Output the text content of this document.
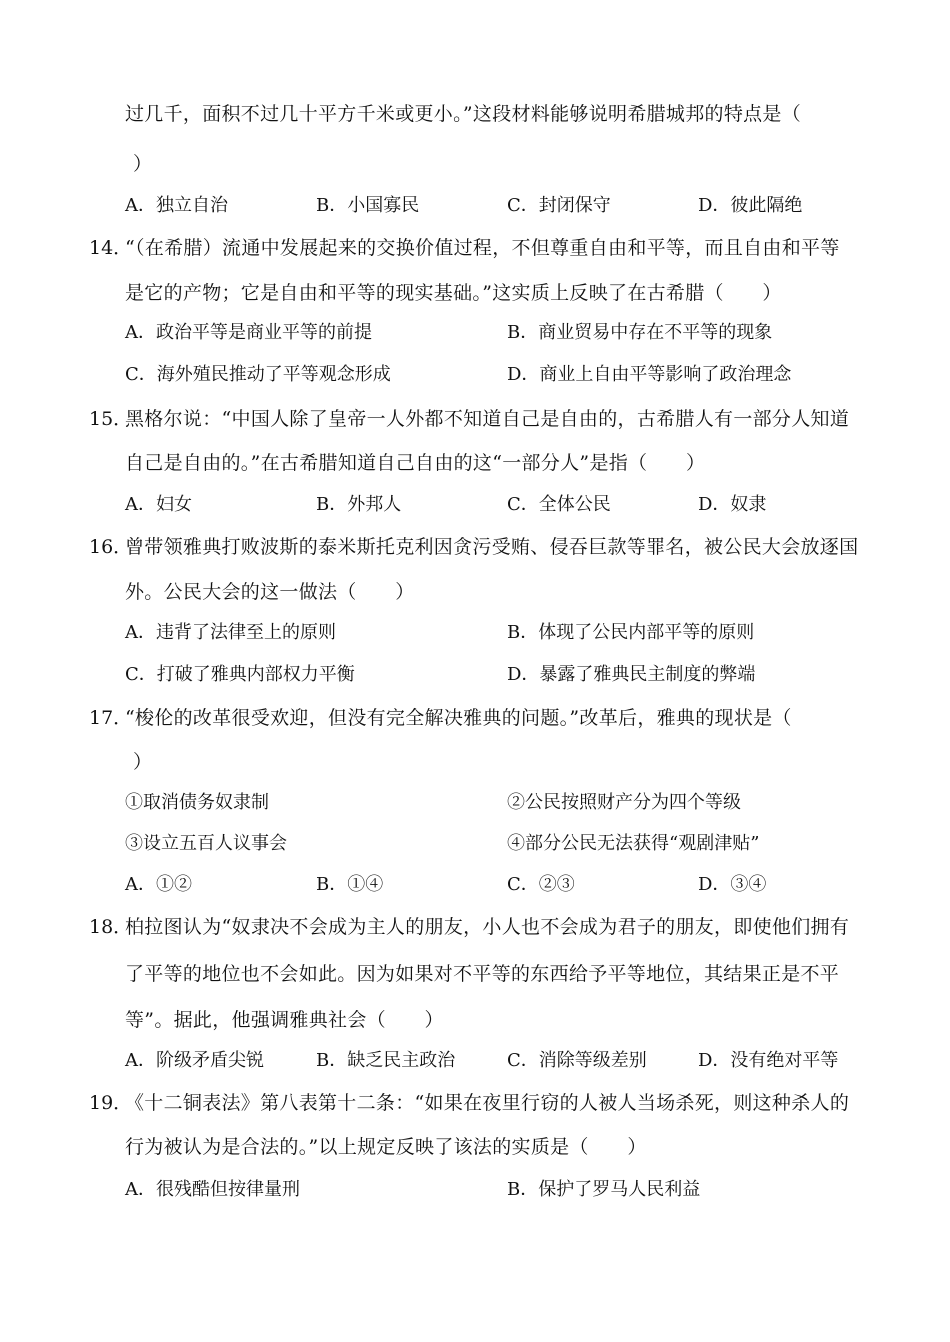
过几千，面积不过几十平方千米或更小。”这段材料能够说明希腊城邦的特点是（
）
A．独立自治	B．小国寡民	C．封闭保守	D．彼此隔绝
14．
“（在希腊）流通中发展起来的交换价值过程，不但尊重自由和平等，而且自由和平等
是它的产物；它是自由和平等的现实基础。”这实质上反映了在古希腊（　　）
A．政治平等是商业平等的前提	B．商业贸易中存在不平等的现象
C．海外殖民推动了平等观念形成	D．商业上自由平等影响了政治理念
15．
黑格尔说：“中国人除了皇帝一人外都不知道自己是自由的，古希腊人有一部分人知道
自己是自由的。”在古希腊知道自己自由的这“一部分人”是指（　　）
A．妇女	B．外邦人	C．全体公民	D．奴隶
16．
曾带领雅典打败波斯的泰米斯托克利因贪污受贿、侵吞巨款等罪名，被公民大会放逐国
外。公民大会的这一做法（　　）
A．违背了法律至上的原则	B．体现了公民内部平等的原则
C．打破了雅典内部权力平衡	D．暴露了雅典民主制度的弊端
17．
“梭伦的改革很受欢迎，但没有完全解决雅典的问题。”改革后，雅典的现状是（
）
①取消债务奴隶制	②公民按照财产分为四个等级
③设立五百人议事会	④部分公民无法获得“观剧津贴”
A．①②	B．①④	C．②③	D．③④
18．
柏拉图认为“奴隶决不会成为主人的朋友，小人也不会成为君子的朋友，即使他们拥有
了平等的地位也不会如此。因为如果对不平等的东西给予平等地位，其结果正是不平
等”。据此，他强调雅典社会（　　）
A．阶级矛盾尖锐	B．缺乏民主政治	C．消除等级差别	D．没有绝对平等
19．
《十二铜表法》第八表第十二条：“如果在夜里行窃的人被人当场杀死，则这种杀人的
行为被认为是合法的。”以上规定反映了该法的实质是（　　）
A．很残酷但按律量刑	B．保护了罗马人民利益
